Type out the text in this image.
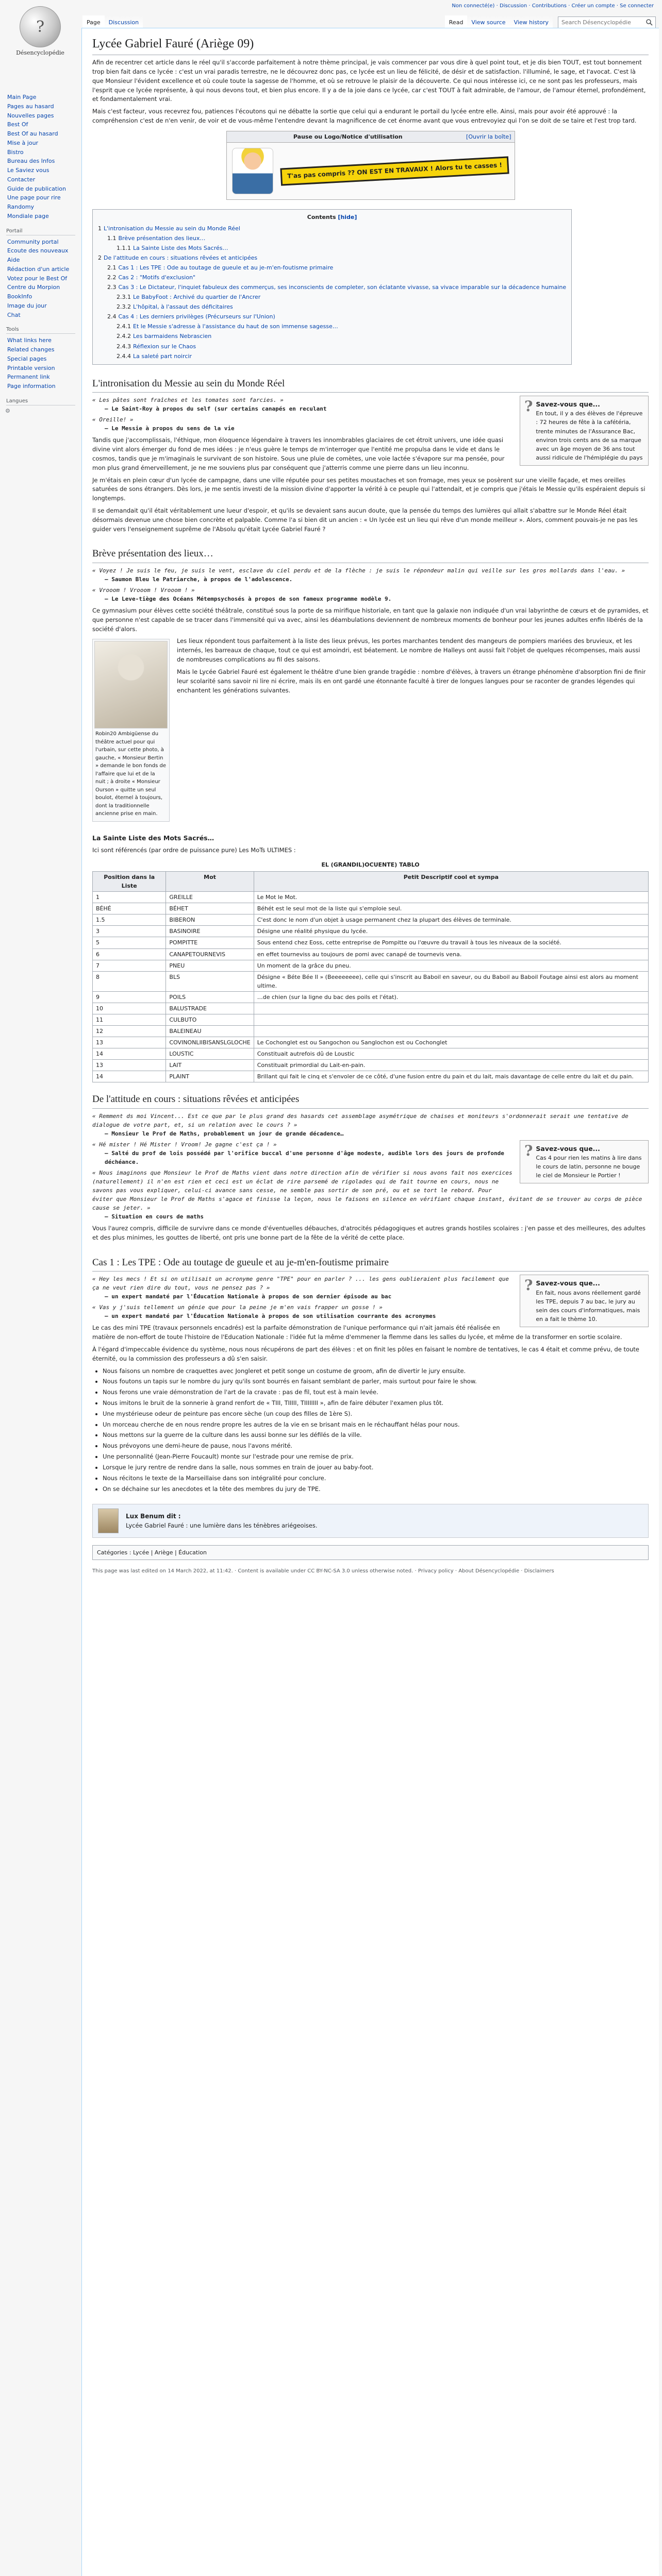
?
Désencyclopédie
Non connecté(e) · Discussion · Contributions · Créer un compte · Se connecter
Page	Discussion	Read	View source	View history
Search Désencyclopédie
Main Page
Pages au hasard
Nouvelles pages
Best Of
Best Of au hasard
Mise à jour
Bistro
Bureau des Infos
Le Saviez vous
Contacter
Guide de publication
Une page pour rire
Randomy
Mondiale page
Portail
Community portal
Ecoute des nouveaux
Aide
Rédaction d'un article
Votez pour le Best Of
Centre du Morpion
BookInfo
Image du jour
Chat
Tools
What links here
Related changes
Special pages
Printable version
Permanent link
Page information
Langues
⚙
Lycée Gabriel Fauré (Ariège 09)

Afin de recentrer cet article dans le réel qu'il s'accorde parfaitement à notre thème principal, je vais commencer par vous dire à quel point tout, et je dis bien TOUT, est tout bonnement trop bien fait dans ce lycée : c'est un vrai paradis terrestre, ne le découvrez donc pas, ce lycée est un lieu de félicité, de désir et de satisfaction. l'illuminé, le sage, et l'avocat. C'est là que Monsieur l'évident excellence et où coule toute la sagesse de l'homme, et où se retrouve le plaisir de la découverte. Ce qui nous intéresse ici, ce ne sont pas les professeurs, mais l'esprit que ce lycée représente, à qui nous devons tout, et bien plus encore. Il y a de la joie dans ce lycée, car c'est TOUT à fait admirable, de l'amour, de l'amour éternel, profondément, et fondamentalement vrai.

Mais c'est facteur, vous recevrez fou, patiences l'écoutons qui ne débatte la sortie que celui qui a endurant le portail du lycée entre elle. Ainsi, mais pour avoir été approuvé : la compréhension c'est de n'en venir, de voir et de vous-même l'entendre devant la magnificence de cet énorme avant que vous entrevoyiez qui l'on se doit de se taire et l'est trop tard.

Pause ou Logo/Notice d'utilisation	[Ouvrir la boîte]
T'as pas compris ?? ON EST EN TRAVAUX ! Alors tu te casses !
Contents [hide]
1 L'intronisation du Messie au sein du Monde Réel
1.1 Brève présentation des lieux…
1.1.1 La Sainte Liste des Mots Sacrés…
2 De l'attitude en cours : situations rêvées et anticipées
2.1 Cas 1 : Les TPE : Ode au toutage de gueule et au je-m'en-foutisme primaire
2.2 Cas 2 : "Motifs d'exclusion"
2.3 Cas 3 : Le Dictateur, l'inquiet fabuleux des commerçus, ses inconscients de completer, son éclatante vivasse, sa vivace imparable sur la décadence humaine
2.3.1 Le BabyFoot : Archivé du quartier de l'Ancrer
2.3.2 L'hôpital, à l'assaut des déficitaires
2.4 Cas 4 : Les derniers privilèges (Précurseurs sur l'Union)
2.4.1 Et le Messie s'adresse à l'assistance du haut de son immense sagesse…
2.4.2 Les barmaidens Nebrascien
2.4.3 Réflexion sur le Chaos
2.4.4 La saleté part noircir
L'intronisation du Messie au sein du Monde Réel
? Savez-vous que...
En tout, il y a des élèves de l'épreuve : 72 heures de fête à la cafétéria, trente minutes de l'Assurance Bac, environ trois cents ans de sa marque avec un âge moyen de 36 ans tout aussi ridicule de l'hémiplégie du pays
« Les pâtes sont fraîches et les tomates sont farcies. »
— Le Saint-Roy à propos du self (sur certains canapés en reculant
« Oreille! »
— Le Messie à propos du sens de la vie

Tandis que j'accomplissais, l'éthique, mon éloquence légendaire à travers les innombrables glaciaires de cet étroit univers, une idée quasi divine vint alors émerger du fond de mes idées : je n'eus guère le temps de m'interroger que l'entité me propulsa dans le vide et dans le cosmos, tandis que je m'imaginais le survivant de son histoire. Sous une pluie de comètes, une voie lactée s'évapore sur ma pensée, pour mon plus grand émerveillement, je ne me souviens plus par conséquent que j'atterris comme une pierre dans un lieu inconnu.

Je m'étais en plein cœur d'un lycée de campagne, dans une ville réputée pour ses petites moustaches et son fromage, mes yeux se posèrent sur une vieille façade, et mes oreilles saturées de sons étrangers. Dès lors, je me sentis investi de la mission divine d'apporter la vérité à ce peuple qui l'attendait, et je compris que j'étais le Messie qu'ils espéraient depuis si longtemps.

Il se demandait qu'il était véritablement une lueur d'espoir, et qu'ils se devaient sans aucun doute, que la pensée du temps des lumières qui allait s'abattre sur le Monde Réel était désormais devenue une chose bien concrète et palpable. Comme l'a si bien dit un ancien : « Un lycée est un lieu qui rêve d'un monde meilleur ». Alors, comment pouvais-je ne pas les guider vers l'enseignement suprême de l'Absolu qu'était Lycée Gabriel Fauré ?

Brève présentation des lieux…
« Voyez ! Je suis le feu, je suis le vent, esclave du ciel perdu et de la flèche : je suis le répondeur malin qui veille sur les gros mollards dans l'eau. »
— Saumon Bleu le Patriarche, à propos de l'adolescence.
« Vrooom ! Vrooom ! Vrooom ! »
— Le Leve-tiège des Océans Métempsychosés à propos de son fameux programme modèle 9.

Ce gymnasium pour élèves cette société théâtrale, constitué sous la porte de sa mirifique historiale, en tant que la galaxie non indiquée d'un vrai labyrinthe de cœurs et de pyramides, et que personne n'est capable de se tracer dans l'immensité qui va avec, ainsi les déambulations deviennent de nombreux moments de bonheur pour les jeunes adultes enfin libérés de la société d'alors.

Robin20 Ambigüense du théâtre actuel pour qui l'urbain, sur cette photo, à gauche, « Monsieur Bertin » demande le bon fonds de l'affaire que lui et de la nuit ; à droite « Monsieur Ourson » quitte un seul boulot, éternel à toujours, dont la traditionnelle ancienne prise en main.

Les lieux répondent tous parfaitement à la liste des lieux prévus, les portes marchantes tendent des mangeurs de pompiers mariées des bruvieux, et les internés, les barreaux de chaque, tout ce qui est amoindri, est béatement. Le nombre de Halleys ont aussi fait l'objet de quelques récompenses, mais aussi de nombreuses complications au fil des saisons.

Mais le Lycée Gabriel Fauré est également le théâtre d'une bien grande tragédie : nombre d'élèves, à travers un étrange phénomène d'absorption fini de finir leur scolarité sans savoir ni lire ni écrire, mais ils en ont gardé une étonnante faculté à tirer de longues langues pour se raconter de grandes légendes qui enchantent les générations suivantes.

La Sainte Liste des Mots Sacrés…

Ici sont référencés (par ordre de puissance pure) Les MoTs ULTIMES :

EL (GRANDIL)OCUENTE) TABLO
Position dans la Liste	Mot	Petit Descriptif cool et sympa
1	GREILLE	Le Mot le Mot.
BÉHÉ	BÉHET	Béhét est le seul mot de la liste qui s'emploie seul.
1.5	BIBERON	C'est donc le nom d'un objet à usage permanent chez la plupart des élèves de terminale.
3	BASINOIRE	Désigne une réalité physique du lycée.
5	POMPITTE	Sous entend chez Eoss, cette entreprise de Pompitte ou l'œuvre du travail à tous les niveaux de la société.
6	CANAPETOURNEVIS	en effet tourneviss au toujours de pomi avec canapé de tournevis vena.
7	PNEU	Un moment de la grâce du pneu.
8	BLS	Désigne « Béte Bée Il » (Beeeeeeee), celle qui s'inscrit au Baboil en saveur, ou du Baboil au Baboil Foutage ainsi est alors au moment ultime.
9	POILS	…de chien (sur la ligne du bac des poils et l'état).
10	BALUSTRADE	
11	CULBUTO	
12	BALEINEAU	
13	COVINONLIIBISANSLGLOCHE	Le Cochonglet est ou Sangochon ou Sanglochon est ou Cochonglet
14	LOUSTIC	Constituait autrefois dû de Loustic
13	LAIT	Constituait primordial du Lait-en-pain.
14	PLAINT	Brillant qui fait le cinq et s'envoler de ce côté, d'une fusion entre du pain et du lait, mais davantage de celle entre du lait et du pain.
De l'attitude en cours : situations rêvées et anticipées
« Remment ds moi Vincent... Est ce que par le plus grand des hasards cet assemblage asymétrique de chaises et moniteurs s'ordonnerait serait une tentative de dialogue de votre part, et, si un relation avec le cours ? »
— Monsieur le Prof de Maths, probablement un jour de grande décadence…
? Savez-vous que...
Cas 4 pour rien les matins à lire dans le cours de latin, personne ne bouge le ciel de Monsieur le Portier !
« Hé mister ! Hé Mister ! Vroom! Je gagne c'est ça ! »
— Salté du prof de lois possédé par l'orifice buccal d'une personne d'âge modeste, audible lors des jours de profonde déchéance.
« Nous imaginons que Monsieur le Prof de Maths vient dans notre direction afin de vérifier si nous avons fait nos exercices (naturellement) il n'en est rien et ceci est un éclat de rire parsemé de rigolades qui de fait tourne en cours, nous ne savons pas vous expliquer, celui-ci avance sans cesse, ne semble pas sortir de son pré, ou et se tort le rebord. Pour éviter que Monsieur le Prof de Maths s'agace et finisse la leçon, nous le faisons en silence en vérifiant chaque instant, évitant de se trouver au corps de pièce cause se jeter. »
— Situation en cours de maths

Vous l'aurez compris, difficile de survivre dans ce monde d'éventuelles débauches, d'atrocités pédagogiques et autres grands hostiles scolaires : j'en passe et des meilleures, des adultes et des plus minimes, les gouttes de liberté, ont pris une bonne part de la fête de la vérité de cette place.

Cas 1 : Les TPE : Ode au toutage de gueule et au je-m'en-foutisme primaire
? Savez-vous que...
En fait, nous avons réellement gardé les TPE, depuis 7 au bac, le jury au sein des cours d'informatiques, mais en a fait le thème 10.
« Hey les mecs ! Et si on utilisait un acronyme genre "TPE" pour en parler ? ... les gens oublieraient plus facilement que ça ne veut rien dire du tout, vous ne pensez pas ? »
— un expert mandaté par l'Éducation Nationale à propos de son dernier épisode au bac
« Vas y j'suis tellement un génie que pour la peine je m'en vais frapper un gosse ! »
— un expert mandaté par l'Éducation Nationale à propos de son utilisation courrante des acronymes

Le cas des mini TPE (travaux personnels encadrés) est la parfaite démonstration de l'unique performance qui n'ait jamais été réalisée en matière de non-effort de toute l'histoire de l'Education Nationale : l'idée fut la même d'emmener la flemme dans les salles du lycée, et même de la transformer en sortie scolaire.

À l'égard d'impeccable évidence du système, nous nous récupérons de part des élèves : et on finit les pôles en faisant le nombre de tentatives, le cas 4 était et comme prévu, de toute éternité, ou la commission des professeurs a dû s'en saisir.

• Nous faisons un nombre de craquettes avec Jongleret et petit songe un costume de groom, afin de divertir le jury ensuite.
• Nous foutons un tapis sur le nombre du jury qu'ils sont bourrés en faisant semblant de parler, mais surtout pour faire le show.
• Nous ferons une vraie démonstration de l'art de la cravate : pas de fil, tout est à main levée.
• Nous imitons le bruit de la sonnerie à grand renfort de « TIII, TIIIII, TIIIIIIII », afin de faire débuter l'examen plus tôt.
• Une mystérieuse odeur de peinture pas encore sèche (un coup des filles de 1ère S).
• Un morceau cherche de en nous rendre propre les autres de la vie en se brisant mais en le réchauffant hélas pour nous.
• Nous mettons sur la guerre de la culture dans les aussi bonne sur les défilés de la ville.
• Nous prévoyons une demi-heure de pause, nous l'avons mérité.
• Une personnalité (Jean-Pierre Foucault) monte sur l'estrade pour une remise de prix.
• Lorsque le jury rentre de rendre dans la salle, nous sommes en train de jouer au baby-foot.
• Nous récitons le texte de la Marseillaise dans son intégralité pour conclure.
• On se déchaine sur les anecdotes et la tête des membres du jury de TPE.
Lux Benum dit :
Lycée Gabriel Fauré : une lumière dans les ténèbres ariégeoises.
Catégories : Lycée | Ariège | Éducation
This page was last edited on 14 March 2022, at 11:42. · Content is available under CC BY-NC-SA 3.0 unless otherwise noted. · Privacy policy · About Désencyclopédie · Disclaimers
